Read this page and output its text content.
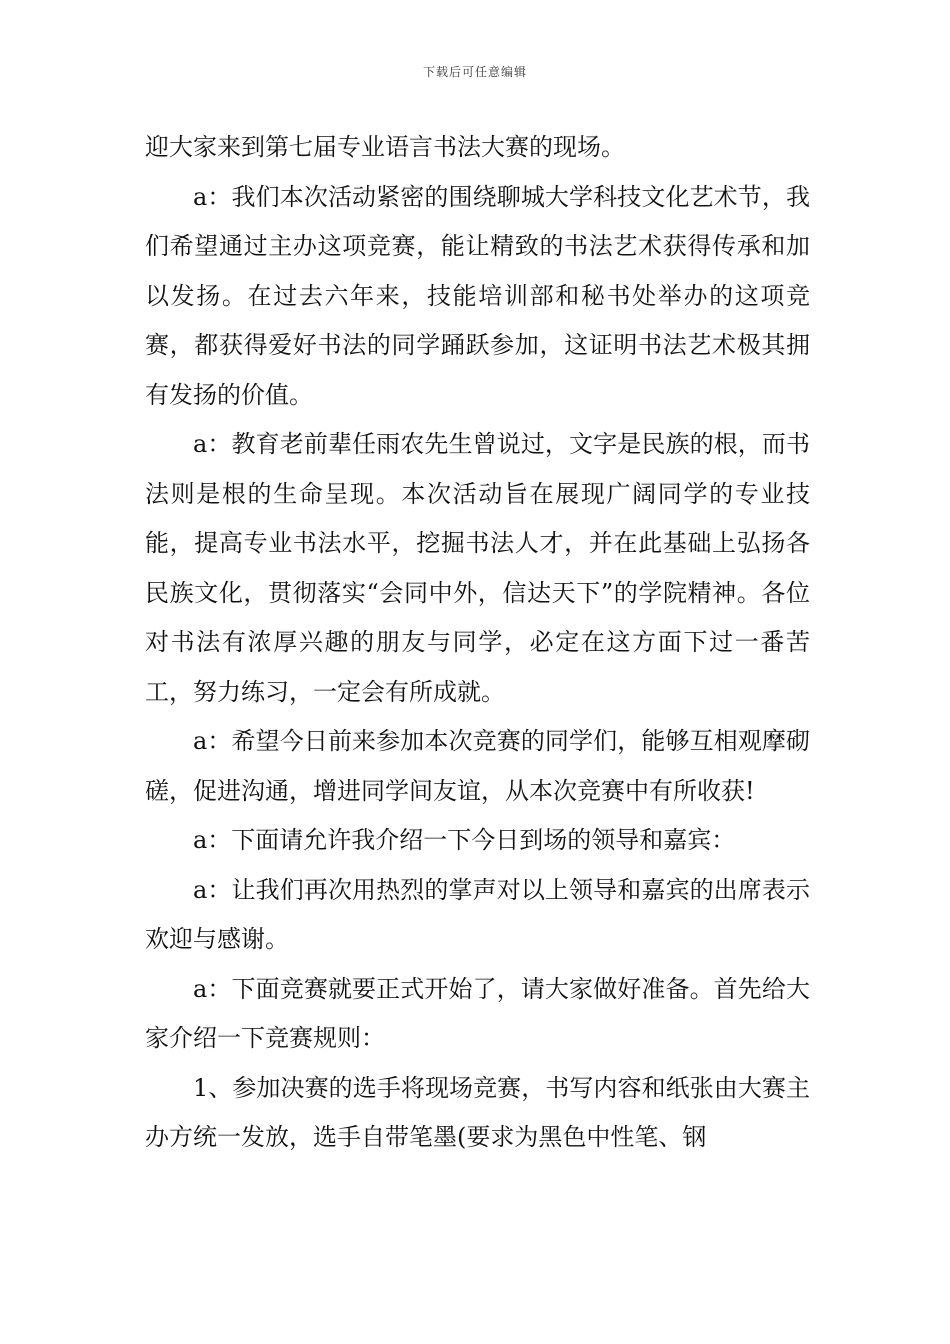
下载后可任意编辑

迎大家来到第七届专业语言书法大赛的现场。

a：我们本次活动紧密的围绕聊城大学科技文化艺术节，我们希望通过主办这项竞赛，能让精致的书法艺术获得传承和加以发扬。在过去六年来，技能培训部和秘书处举办的这项竞赛，都获得爱好书法的同学踊跃参加，这证明书法艺术极其拥有发扬的价值。

a：教育老前辈任雨农先生曾说过，文字是民族的根，而书法则是根的生命呈现。本次活动旨在展现广阔同学的专业技能，提高专业书法水平，挖掘书法人才，并在此基础上弘扬各民族文化，贯彻落实“会同中外，信达天下”的学院精神。各位对书法有浓厚兴趣的朋友与同学，必定在这方面下过一番苦工，努力练习，一定会有所成就。

a：希望今日前来参加本次竞赛的同学们，能够互相观摩砌磋，促进沟通，增进同学间友谊，从本次竞赛中有所收获!

a：下面请允许我介绍一下今日到场的领导和嘉宾：

a：让我们再次用热烈的掌声对以上领导和嘉宾的出席表示欢迎与感谢。

a：下面竞赛就要正式开始了，请大家做好准备。首先给大家介绍一下竞赛规则：

1、参加决赛的选手将现场竞赛，书写内容和纸张由大赛主办方统一发放，选手自带笔墨(要求为黑色中性笔、钢
